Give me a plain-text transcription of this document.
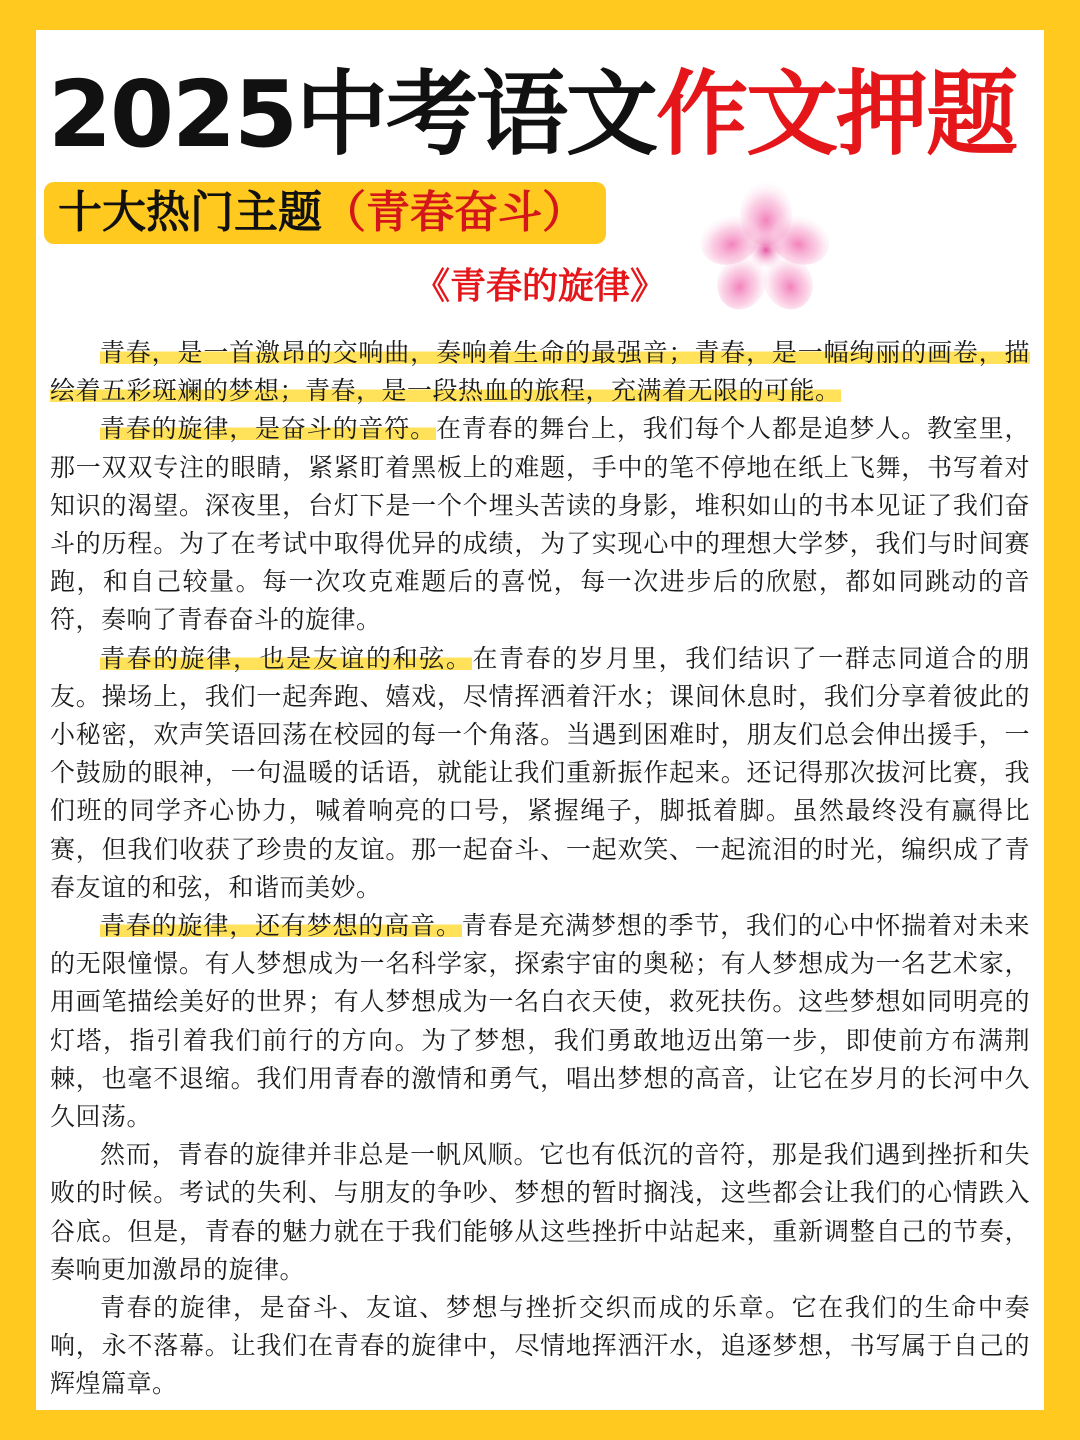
2025中考语文作文押题
十大热门主题（青春奋斗）
《青春的旋律》

青春，是一首激昂的交响曲，奏响着生命的最强音；青春，是一幅绚丽的画卷，描绘着五彩斑斓的梦想；青春，是一段热血的旅程，充满着无限的可能。

青春的旋律，是奋斗的音符。在青春的舞台上，我们每个人都是追梦人。教室里，那一双双专注的眼睛，紧紧盯着黑板上的难题，手中的笔不停地在纸上飞舞，书写着对知识的渴望。深夜里，台灯下是一个个埋头苦读的身影，堆积如山的书本见证了我们奋斗的历程。为了在考试中取得优异的成绩，为了实现心中的理想大学梦，我们与时间赛跑，和自己较量。每一次攻克难题后的喜悦，每一次进步后的欣慰，都如同跳动的音符，奏响了青春奋斗的旋律。

青春的旋律，也是友谊的和弦。在青春的岁月里，我们结识了一群志同道合的朋友。操场上，我们一起奔跑、嬉戏，尽情挥洒着汗水；课间休息时，我们分享着彼此的小秘密，欢声笑语回荡在校园的每一个角落。当遇到困难时，朋友们总会伸出援手，一个鼓励的眼神，一句温暖的话语，就能让我们重新振作起来。还记得那次拔河比赛，我们班的同学齐心协力，喊着响亮的口号，紧握绳子，脚抵着脚。虽然最终没有赢得比赛，但我们收获了珍贵的友谊。那一起奋斗、一起欢笑、一起流泪的时光，编织成了青春友谊的和弦，和谐而美妙。

青春的旋律，还有梦想的高音。青春是充满梦想的季节，我们的心中怀揣着对未来的无限憧憬。有人梦想成为一名科学家，探索宇宙的奥秘；有人梦想成为一名艺术家，用画笔描绘美好的世界；有人梦想成为一名白衣天使，救死扶伤。这些梦想如同明亮的灯塔，指引着我们前行的方向。为了梦想，我们勇敢地迈出第一步，即使前方布满荆棘，也毫不退缩。我们用青春的激情和勇气，唱出梦想的高音，让它在岁月的长河中久久回荡。

然而，青春的旋律并非总是一帆风顺。它也有低沉的音符，那是我们遇到挫折和失败的时候。考试的失利、与朋友的争吵、梦想的暂时搁浅，这些都会让我们的心情跌入谷底。但是，青春的魅力就在于我们能够从这些挫折中站起来，重新调整自己的节奏，奏响更加激昂的旋律。

青春的旋律，是奋斗、友谊、梦想与挫折交织而成的乐章。它在我们的生命中奏响，永不落幕。让我们在青春的旋律中，尽情地挥洒汗水，追逐梦想，书写属于自己的辉煌篇章。
